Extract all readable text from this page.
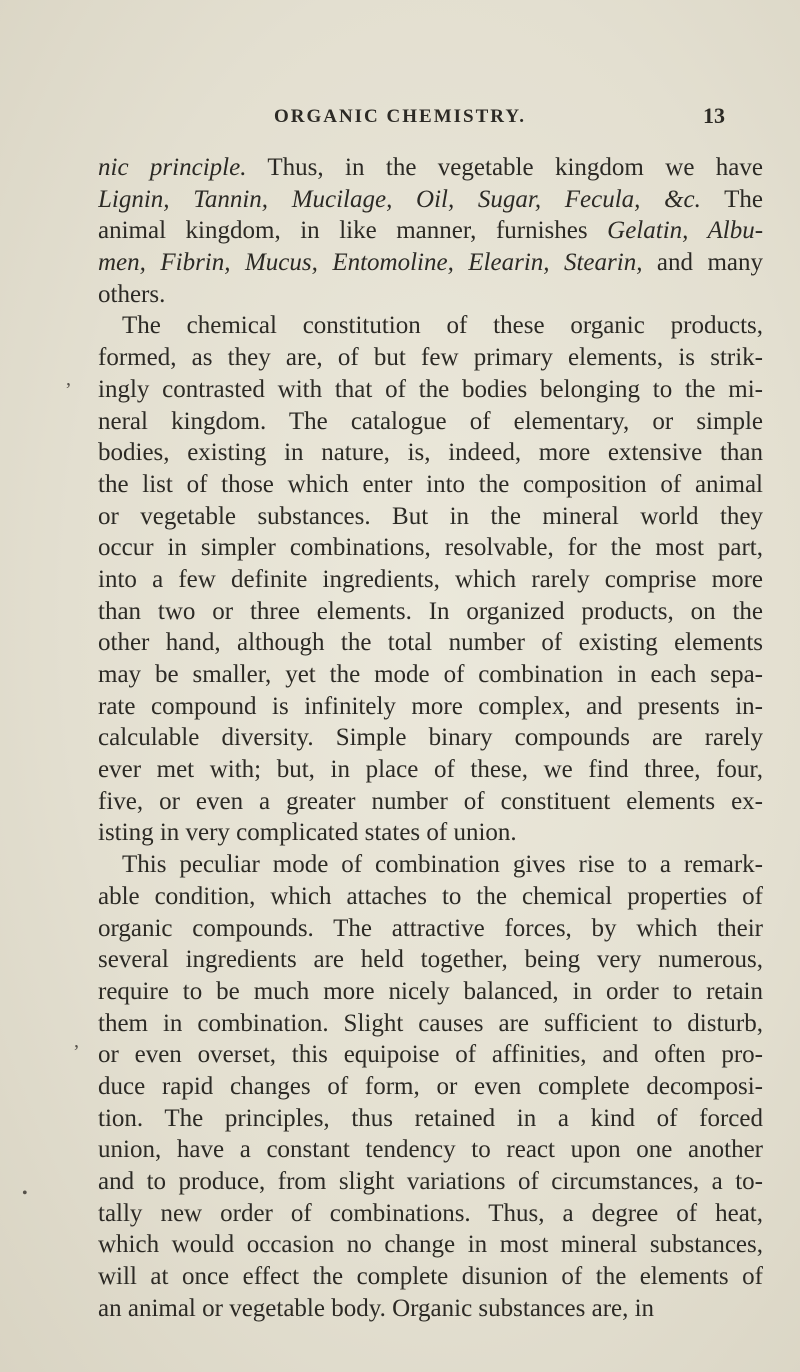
ORGANIC CHEMISTRY.	13
nic principle. Thus, in the vegetable kingdom we have
Lignin, Tannin, Mucilage, Oil, Sugar, Fecula, &c. The
animal kingdom, in like manner, furnishes Gelatin, Albu-
men, Fibrin, Mucus, Entomoline, Elearin, Stearin, and many
others.
The chemical constitution of these organic products,
formed, as they are, of but few primary elements, is strik-
ingly contrasted with that of the bodies belonging to the mi-
neral kingdom. The catalogue of elementary, or simple
bodies, existing in nature, is, indeed, more extensive than
the list of those which enter into the composition of animal
or vegetable substances. But in the mineral world they
occur in simpler combinations, resolvable, for the most part,
into a few definite ingredients, which rarely comprise more
than two or three elements. In organized products, on the
other hand, although the total number of existing elements
may be smaller, yet the mode of combination in each sepa-
rate compound is infinitely more complex, and presents in-
calculable diversity. Simple binary compounds are rarely
ever met with; but, in place of these, we find three, four,
five, or even a greater number of constituent elements ex-
isting in very complicated states of union.
This peculiar mode of combination gives rise to a remark-
able condition, which attaches to the chemical properties of
organic compounds. The attractive forces, by which their
several ingredients are held together, being very numerous,
require to be much more nicely balanced, in order to retain
them in combination. Slight causes are sufficient to disturb,
or even overset, this equipoise of affinities, and often pro-
duce rapid changes of form, or even complete decomposi-
tion. The principles, thus retained in a kind of forced
union, have a constant tendency to react upon one another
and to produce, from slight variations of circumstances, a to-
tally new order of combinations. Thus, a degree of heat,
which would occasion no change in most mineral substances,
will at once effect the complete disunion of the elements of
an animal or vegetable body. Organic substances are, in
,
,
•
